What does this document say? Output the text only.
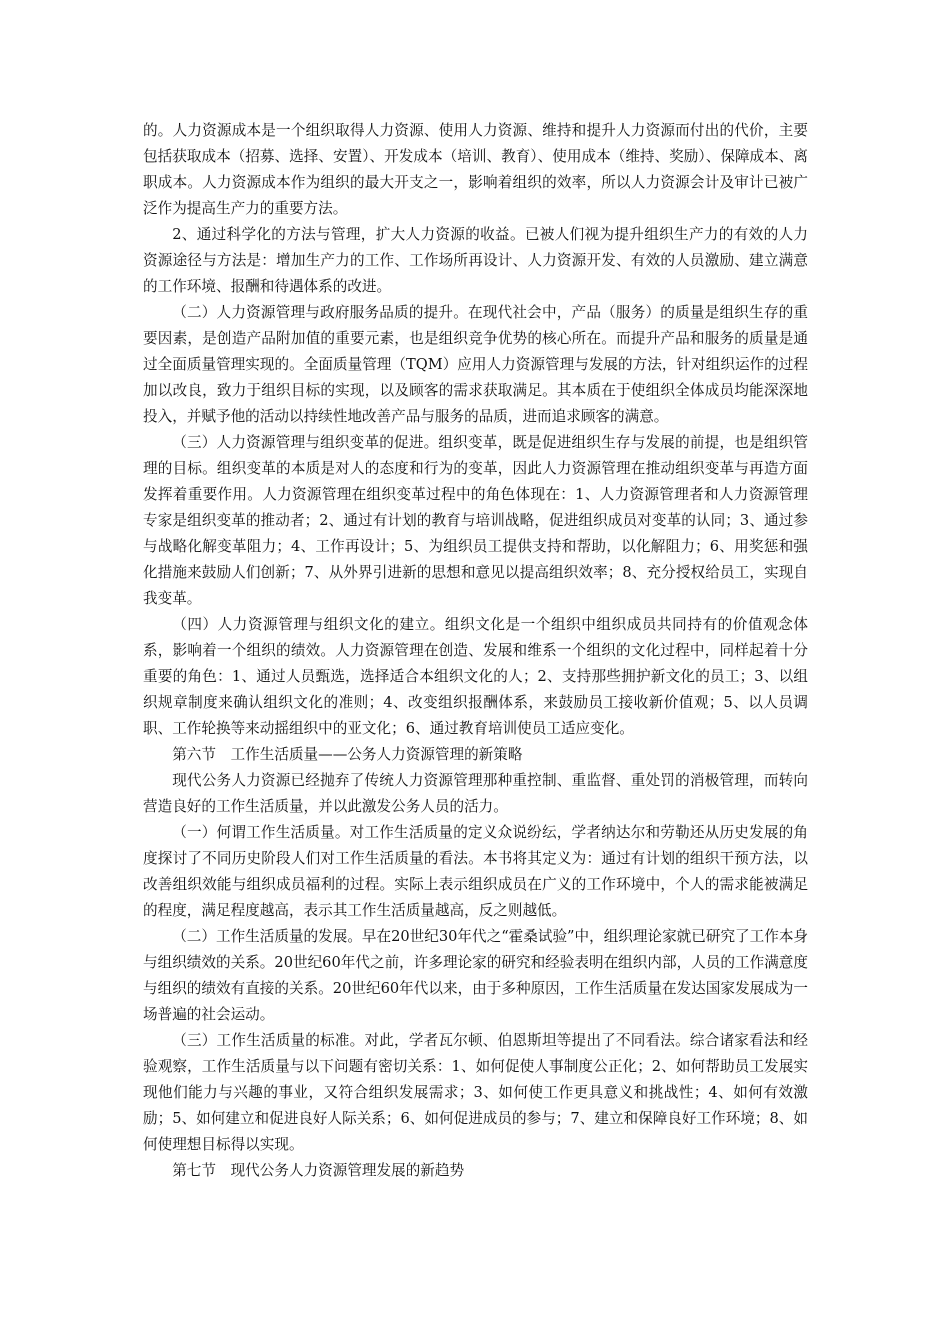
的。人力资源成本是一个组织取得人力资源、使用人力资源、维持和提升人力资源而付出的代价，主要包括获取成本（招募、选择、安置）、开发成本（培训、教育）、使用成本（维持、奖励）、保障成本、离职成本。人力资源成本作为组织的最大开支之一，影响着组织的效率，所以人力资源会计及审计已被广泛作为提高生产力的重要方法。

2、通过科学化的方法与管理，扩大人力资源的收益。已被人们视为提升组织生产力的有效的人力资源途径与方法是：增加生产力的工作、工作场所再设计、人力资源开发、有效的人员激励、建立满意的工作环境、报酬和待遇体系的改进。

（二）人力资源管理与政府服务品质的提升。在现代社会中，产品（服务）的质量是组织生存的重要因素，是创造产品附加值的重要元素，也是组织竞争优势的核心所在。而提升产品和服务的质量是通过全面质量管理实现的。全面质量管理（TQM）应用人力资源管理与发展的方法，针对组织运作的过程加以改良，致力于组织目标的实现，以及顾客的需求获取满足。其本质在于使组织全体成员均能深深地投入，并赋予他的活动以持续性地改善产品与服务的品质，进而追求顾客的满意。

（三）人力资源管理与组织变革的促进。组织变革，既是促进组织生存与发展的前提，也是组织管理的目标。组织变革的本质是对人的态度和行为的变革，因此人力资源管理在推动组织变革与再造方面发挥着重要作用。人力资源管理在组织变革过程中的角色体现在：1、人力资源管理者和人力资源管理专家是组织变革的推动者；2、通过有计划的教育与培训战略，促进组织成员对变革的认同；3、通过参与战略化解变革阻力；4、工作再设计；5、为组织员工提供支持和帮助，以化解阻力；6、用奖惩和强化措施来鼓励人们创新；7、从外界引进新的思想和意见以提高组织效率；8、充分授权给员工，实现自我变革。

（四）人力资源管理与组织文化的建立。组织文化是一个组织中组织成员共同持有的价值观念体系，影响着一个组织的绩效。人力资源管理在创造、发展和维系一个组织的文化过程中，同样起着十分重要的角色：1、通过人员甄选，选择适合本组织文化的人；2、支持那些拥护新文化的员工；3、以组织规章制度来确认组织文化的准则；4、改变组织报酬体系，来鼓励员工接收新价值观；5、以人员调职、工作轮换等来动摇组织中的亚文化；6、通过教育培训使员工适应变化。

第六节　工作生活质量——公务人力资源管理的新策略

现代公务人力资源已经抛弃了传统人力资源管理那种重控制、重监督、重处罚的消极管理，而转向营造良好的工作生活质量，并以此激发公务人员的活力。

（一）何谓工作生活质量。对工作生活质量的定义众说纷纭，学者纳达尔和劳勒还从历史发展的角度探讨了不同历史阶段人们对工作生活质量的看法。本书将其定义为：通过有计划的组织干预方法，以改善组织效能与组织成员福利的过程。实际上表示组织成员在广义的工作环境中，个人的需求能被满足的程度，满足程度越高，表示其工作生活质量越高，反之则越低。

（二）工作生活质量的发展。早在20世纪30年代之“霍桑试验”中，组织理论家就已研究了工作本身与组织绩效的关系。20世纪60年代之前，许多理论家的研究和经验表明在组织内部，人员的工作满意度与组织的绩效有直接的关系。20世纪60年代以来，由于多种原因，工作生活质量在发达国家发展成为一场普遍的社会运动。

（三）工作生活质量的标准。对此，学者瓦尔顿、伯恩斯坦等提出了不同看法。综合诸家看法和经验观察，工作生活质量与以下问题有密切关系：1、如何促使人事制度公正化；2、如何帮助员工发展实现他们能力与兴趣的事业，又符合组织发展需求；3、如何使工作更具意义和挑战性；4、如何有效激励；5、如何建立和促进良好人际关系；6、如何促进成员的参与；7、建立和保障良好工作环境；8、如何使理想目标得以实现。

第七节　现代公务人力资源管理发展的新趋势
